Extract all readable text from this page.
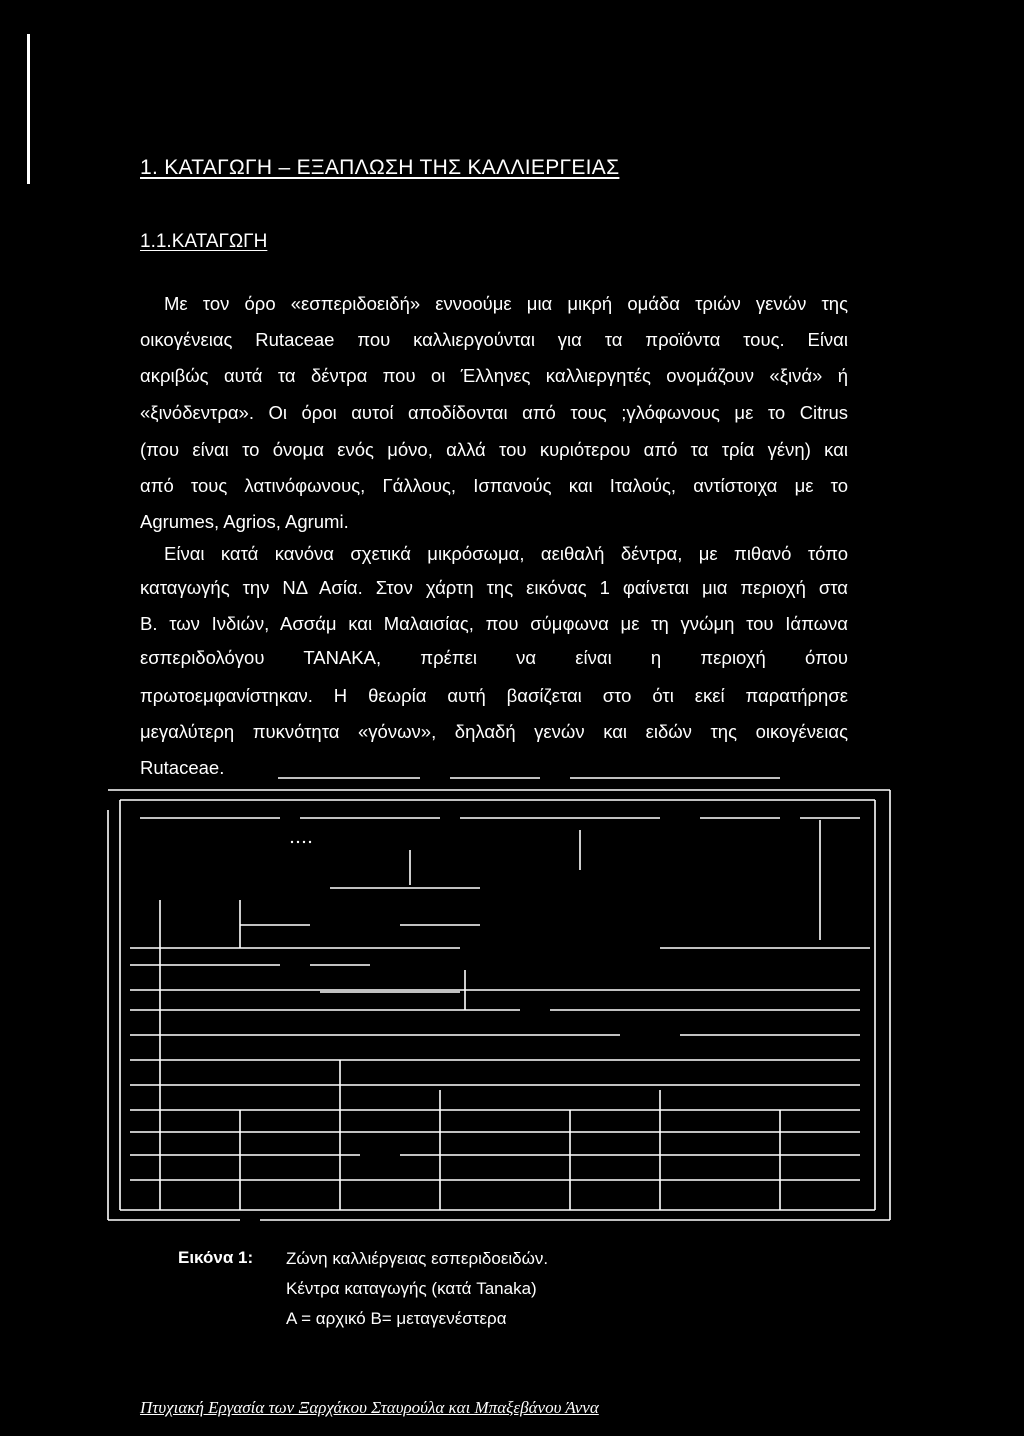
1. ΚΑΤΑΓΩΓΗ – ΕΞΑΠΛΩΣΗ ΤΗΣ ΚΑΛΛΙΕΡΓΕΙΑΣ
1.1.ΚΑΤΑΓΩΓΗ
Με τον όρο «εσπεριδοειδή» εννοούμε μια μικρή ομάδα τριών γενών της
οικογένειας Rutaceae που καλλιεργούνται για τα προϊόντα τους. Είναι
ακριβώς αυτά τα δέντρα που οι Έλληνες καλλιεργητές ονομάζουν «ξινά» ή
«ξινόδεντρα». Οι όροι αυτοί αποδίδονται από τους ;γλόφωνους με το Citrus
(που είναι το όνομα ενός μόνο, αλλά του κυριότερου από τα τρία γένη) και
από τους λατινόφωνους, Γάλλους, Ισπανούς και Ιταλούς, αντίστοιχα με το
Agrumes, Agrios, Agrumi.
Είναι κατά κανόνα σχετικά μικρόσωμα, αειθαλή δέντρα, με πιθανό τόπο
καταγωγής την ΝΔ Ασία. Στον χάρτη της εικόνας 1 φαίνεται μια περιοχή στα
Β. των Ινδιών, Ασσάμ και Μαλαισίας, που σύμφωνα με τη γνώμη του Ιάπωνα
εσπεριδολόγου ΤΑΝΑΚΑ, πρέπει να είναι η περιοχή όπου
πρωτοεμφανίστηκαν. Η θεωρία αυτή βασίζεται στο ότι εκεί παρατήρησε
μεγαλύτερη πυκνότητα «γόνων», δηλαδή γενών και ειδών της οικογένειας
Rutaceae.
Εικόνα 1: Ζώνη καλλιέργειας εσπεριδοειδών.
Κέντρα καταγωγής (κατά Tanaka)
Α = αρχικό Β= μεταγενέστερα
Πτυχιακή Εργασία των Ξαρχάκου Σταυρούλα και Μπαξεβάνου Άννα
